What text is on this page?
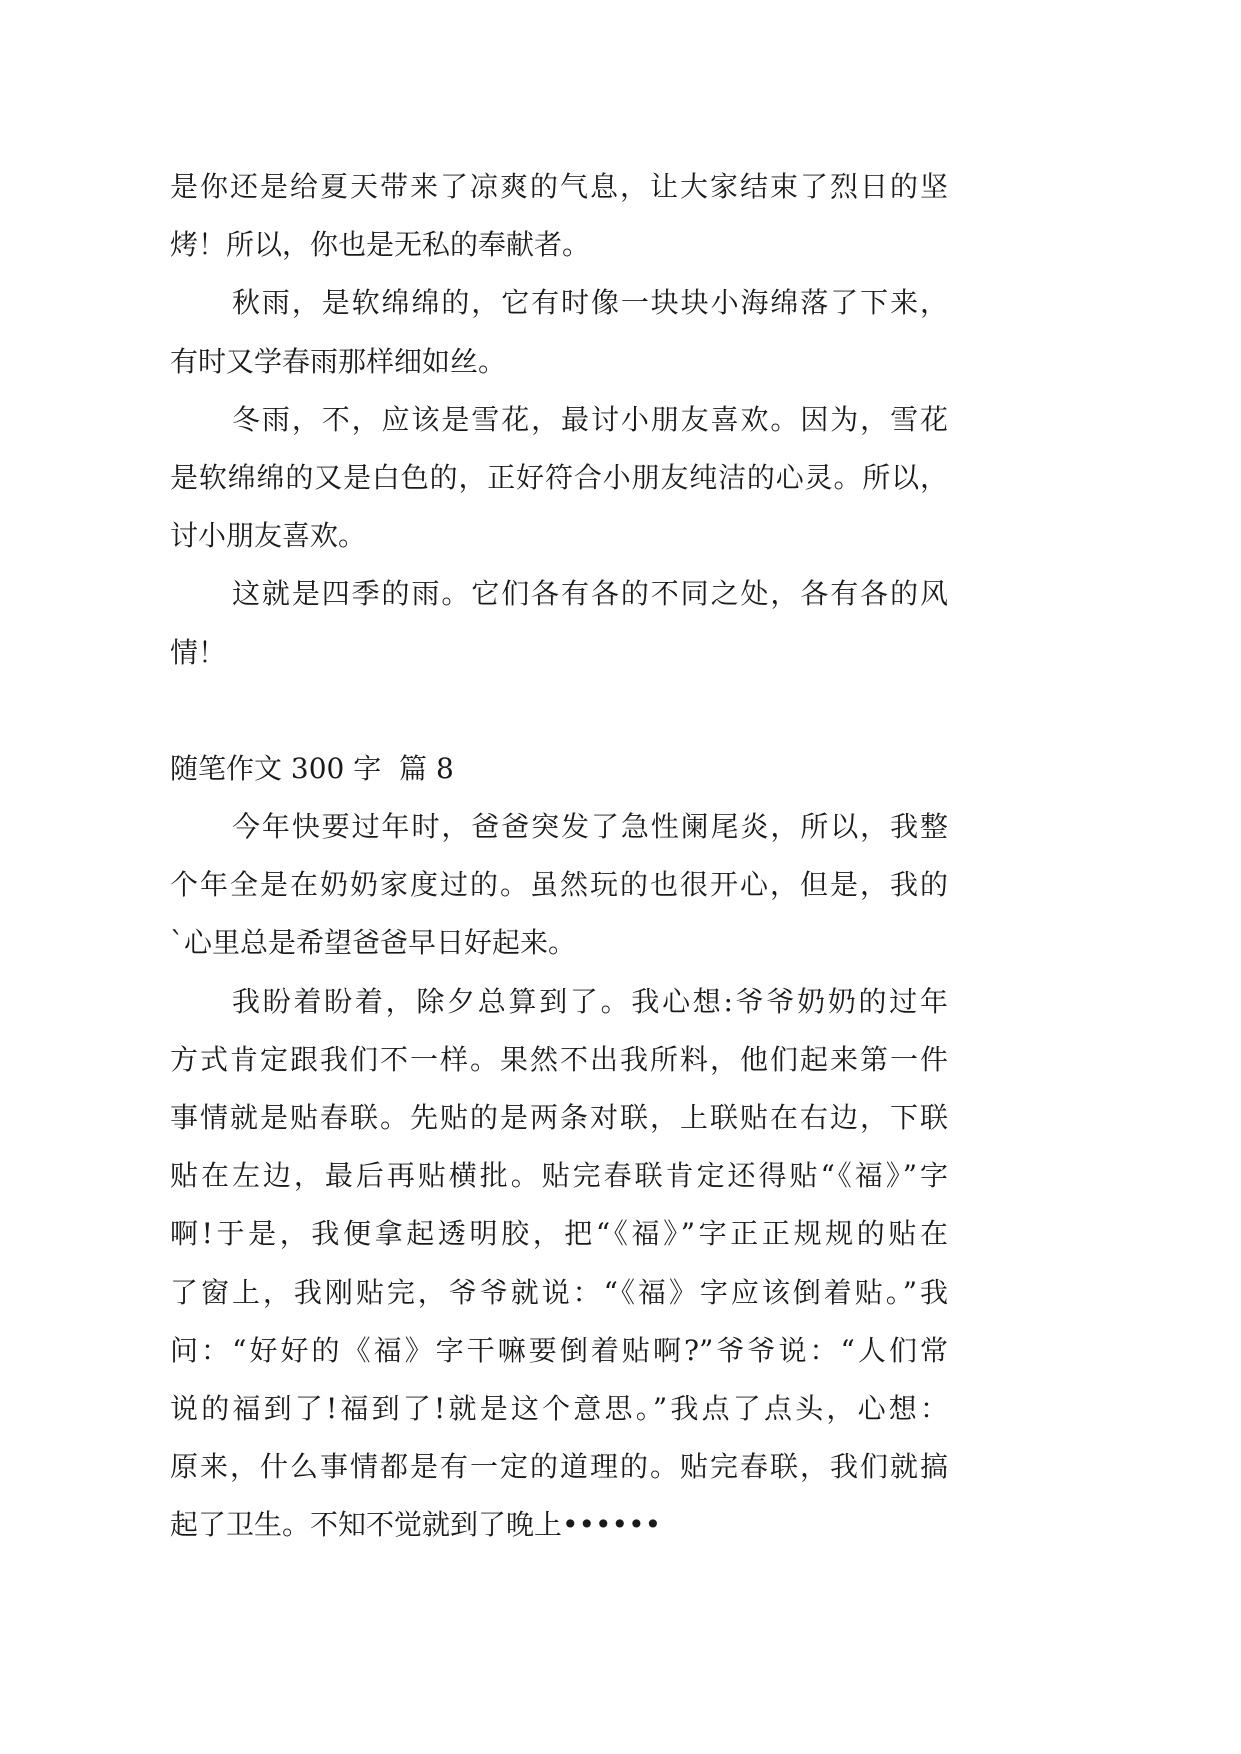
是你还是给夏天带来了凉爽的气息，让大家结束了烈日的坚
烤！所以，你也是无私的奉献者。
秋雨，是软绵绵的，它有时像一块块小海绵落了下来，
有时又学春雨那样细如丝。
冬雨，不，应该是雪花，最讨小朋友喜欢。因为，雪花
是软绵绵的又是白色的，正好符合小朋友纯洁的心灵。所以，
讨小朋友喜欢。
这就是四季的雨。它们各有各的不同之处，各有各的风
情！
随笔作文 300 字  篇 8
今年快要过年时，爸爸突发了急性阑尾炎，所以，我整
个年全是在奶奶家度过的。虽然玩的也很开心，但是，我的
`心里总是希望爸爸早日好起来。
我盼着盼着，除夕总算到了。我心想:爷爷奶奶的过年
方式肯定跟我们不一样。果然不出我所料，他们起来第一件
事情就是贴春联。先贴的是两条对联，上联贴在右边，下联
贴在左边，最后再贴横批。贴完春联肯定还得贴“《福》”字
啊!于是，我便拿起透明胶，把“《福》”字正正规规的贴在
了窗上，我刚贴完，爷爷就说：“《福》字应该倒着贴。”我
问：“好好的《福》字干嘛要倒着贴啊?”爷爷说：“人们常
说的福到了!福到了!就是这个意思。”我点了点头，心想：
原来，什么事情都是有一定的道理的。贴完春联，我们就搞
起了卫生。不知不觉就到了晚上••••••
